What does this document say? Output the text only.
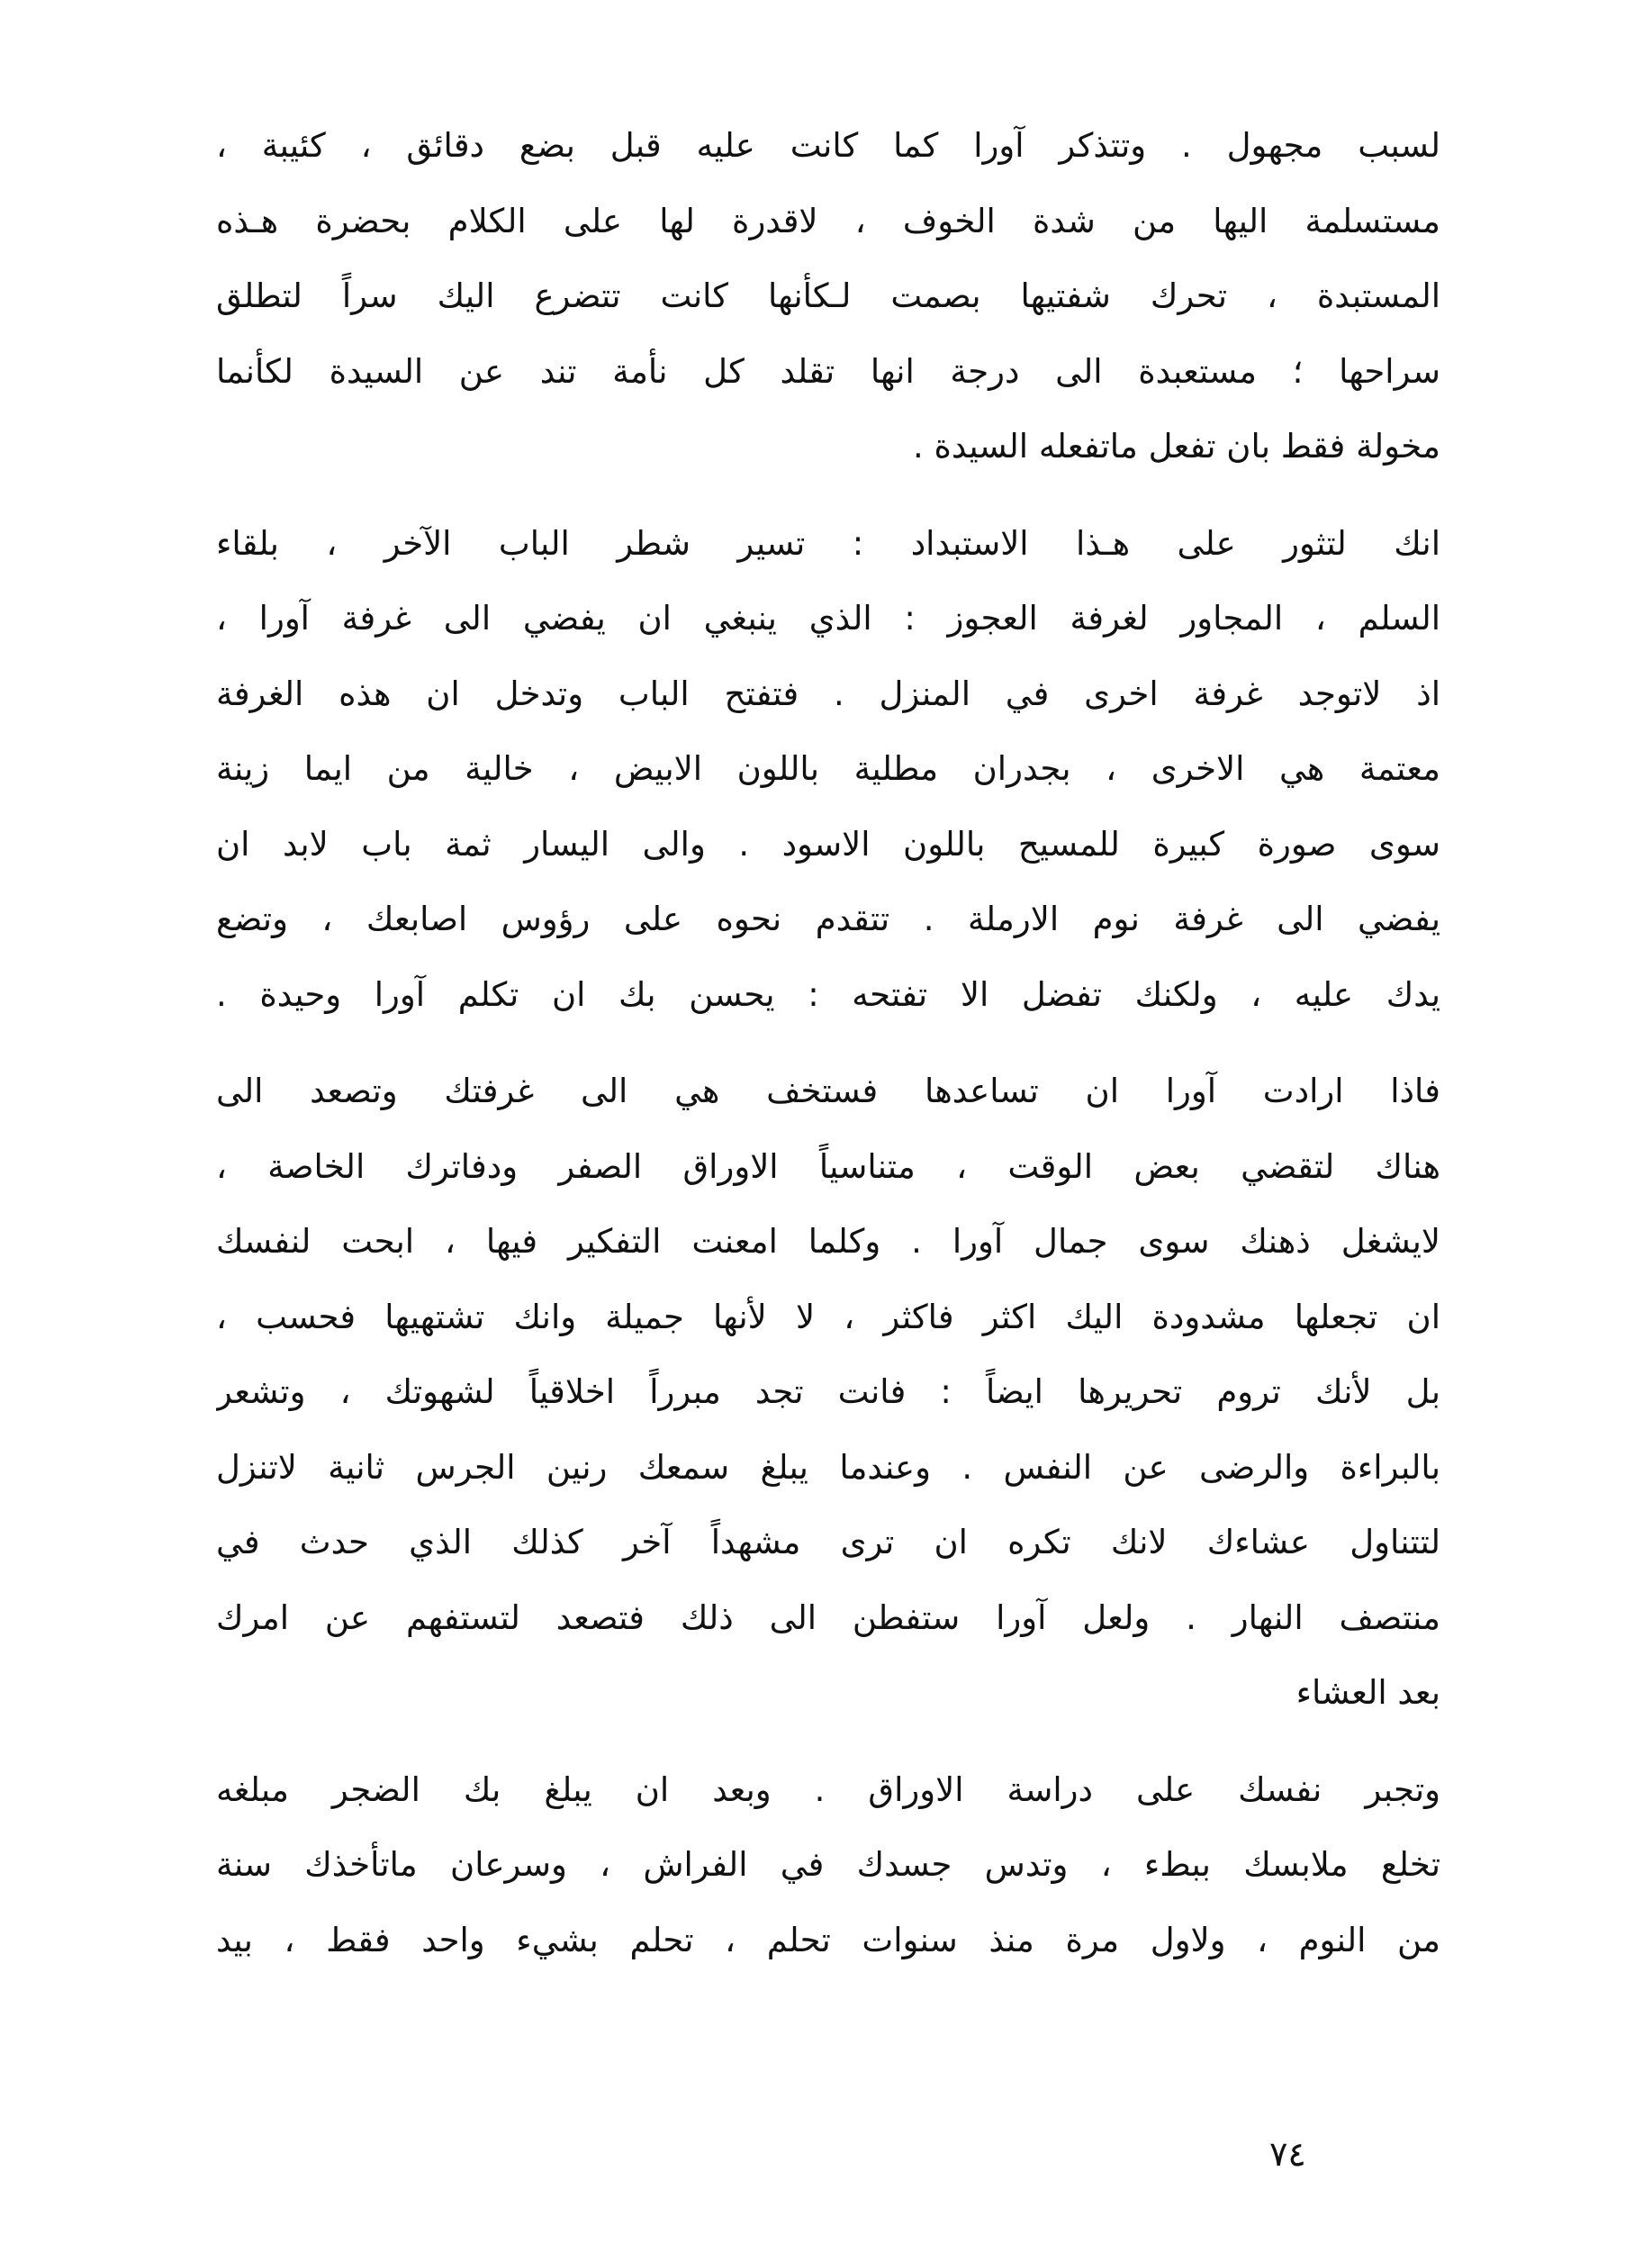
لسبب مجهول . وتتذكر آورا كما كانت عليه قبل بضع دقائق ، كئيبة ،
مستسلمة اليها من شدة الخوف ، لاقدرة لها على الكلام بحضرة هـذه
المستبدة ، تحرك شفتيها بصمت لـكأنها كانت تتضرع اليك سراً لتطلق
سراحها ؛ مستعبدة الى درجة انها تقلد كل نأمة تند عن السيدة لكأنما
مخولة فقط بان تفعل ماتفعله السيدة .

انك لتثور على هـذا الاستبداد : تسير شطر الباب الآخر ، بلقاء
السلم ، المجاور لغرفة العجوز : الذي ينبغي ان يفضي الى غرفة آورا ،
اذ لاتوجد غرفة اخرى في المنزل . فتفتح الباب وتدخل ان هذه الغرفة
معتمة هي الاخرى ، بجدران مطلية باللون الابيض ، خالية من ايما زينة
سوى صورة كبيرة للمسيح باللون الاسود . والى اليسار ثمة باب لابد ان
يفضي الى غرفة نوم الارملة . تتقدم نحوه على رؤوس اصابعك ، وتضع
يدك عليه ، ولكنك تفضل الا تفتحه : يحسن بك ان تكلم آورا وحيدة .

فاذا ارادت آورا ان تساعدها فستخف هي الى غرفتك وتصعد الى
هناك لتقضي بعض الوقت ، متناسياً الاوراق الصفر ودفاترك الخاصة ،
لايشغل ذهنك سوى جمال آورا . وكلما امعنت التفكير فيها ، ابحت لنفسك
ان تجعلها مشدودة اليك اكثر فاكثر ، لا لأنها جميلة وانك تشتهيها فحسب ،
بل لأنك تروم تحريرها ايضاً : فانت تجد مبرراً اخلاقياً لشهوتك ، وتشعر
بالبراءة والرضى عن النفس . وعندما يبلغ سمعك رنين الجرس ثانية لاتنزل
لتتناول عشاءك لانك تكره ان ترى مشهداً آخر كذلك الذي حدث في
منتصف النهار . ولعل آورا ستفطن الى ذلك فتصعد لتستفهم عن امرك
بعد العشاء

وتجبر نفسك على دراسة الاوراق . وبعد ان يبلغ بك الضجر مبلغه
تخلع ملابسك ببطء ، وتدس جسدك في الفراش ، وسرعان ماتأخذك سنة
من النوم ، ولاول مرة منذ سنوات تحلم ، تحلم بشيء واحد فقط ، بيد

٧٤
